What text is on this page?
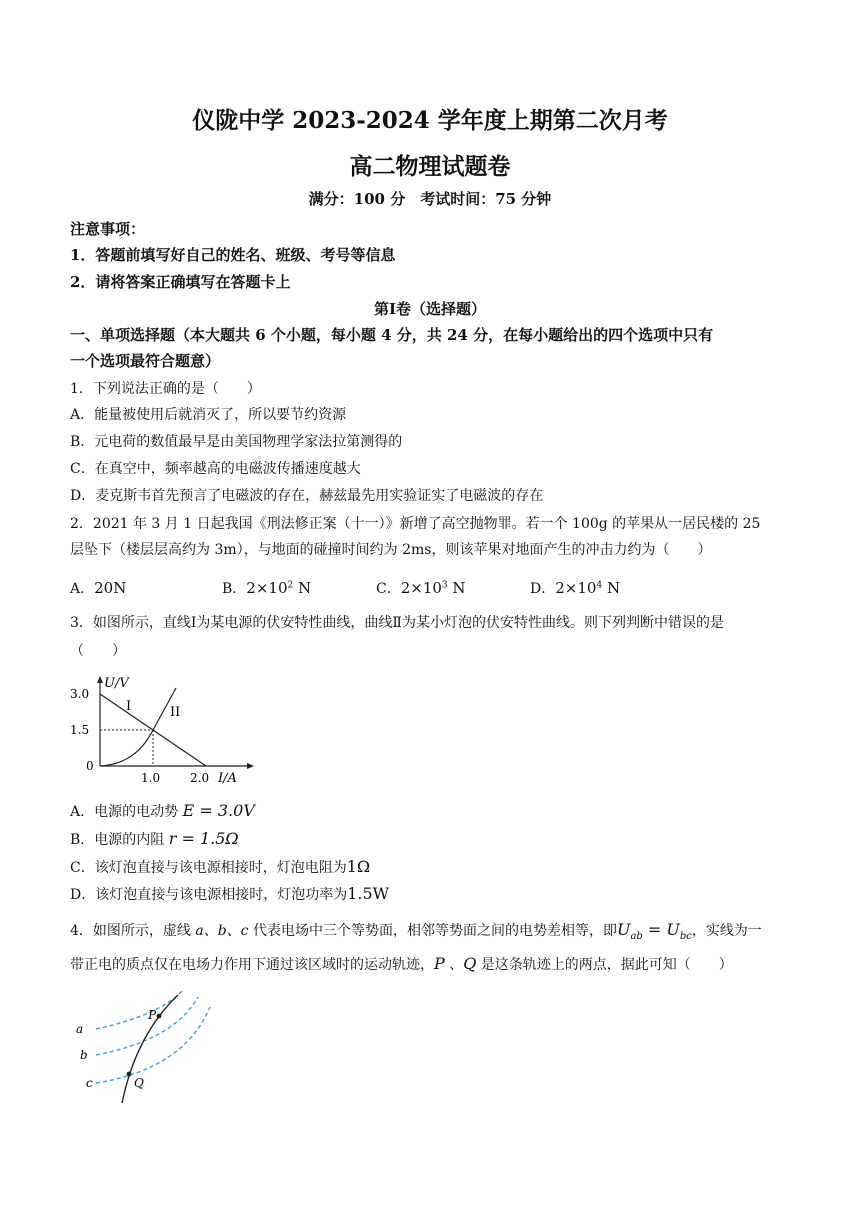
仪陇中学 2023-2024 学年度上期第二次月考
高二物理试题卷
满分：100 分　考试时间：75 分钟
注意事项：
1．答题前填写好自己的姓名、班级、考号等信息
2．请将答案正确填写在答题卡上
第Ⅰ卷（选择题）
一、单项选择题（本大题共 6 个小题，每小题 4 分，共 24 分，在每小题给出的四个选项中只有
一个选项最符合题意）
1．下列说法正确的是（　　）
A．能量被使用后就消灭了，所以要节约资源
B．元电荷的数值最早是由美国物理学家法拉第测得的
C．在真空中，频率越高的电磁波传播速度越大
D．麦克斯韦首先预言了电磁波的存在，赫兹最先用实验证实了电磁波的存在
2．2021 年 3 月 1 日起我国《刑法修正案（十一）》新增了高空抛物罪。若一个 100g 的苹果从一居民楼的 25
层坠下（楼层层高约为 3m），与地面的碰撞时间约为 2ms，则该苹果对地面产生的冲击力约为（　　）
A．20N	B．$2\times 10^2$ N	C．$2\times 10^3$ N	D．$2\times 10^4$ N
3．如图所示，直线Ⅰ为某电源的伏安特性曲线，曲线Ⅱ为某小灯泡的伏安特性曲线。则下列判断中错误的是
（　　）
U/V
3.0
1.5
0
1.0 2.0 I/A
I	II
A．电源的电动势 E = 3.0V
B．电源的内阻 r = 1.5Ω
C．该灯泡直接与该电源相接时，灯泡电阻为1Ω
D．该灯泡直接与该电源相接时，灯泡功率为1.5W
4．如图所示，虚线 a、b、c 代表电场中三个等势面，相邻等势面之间的电势差相等，即$U_{ab} = U_{bc}$，实线为一
带正电的质点仅在电场力作用下通过该区域时的运动轨迹，P 、Q 是这条轨迹上的两点，据此可知（　　）
P
Q
a
b
c
